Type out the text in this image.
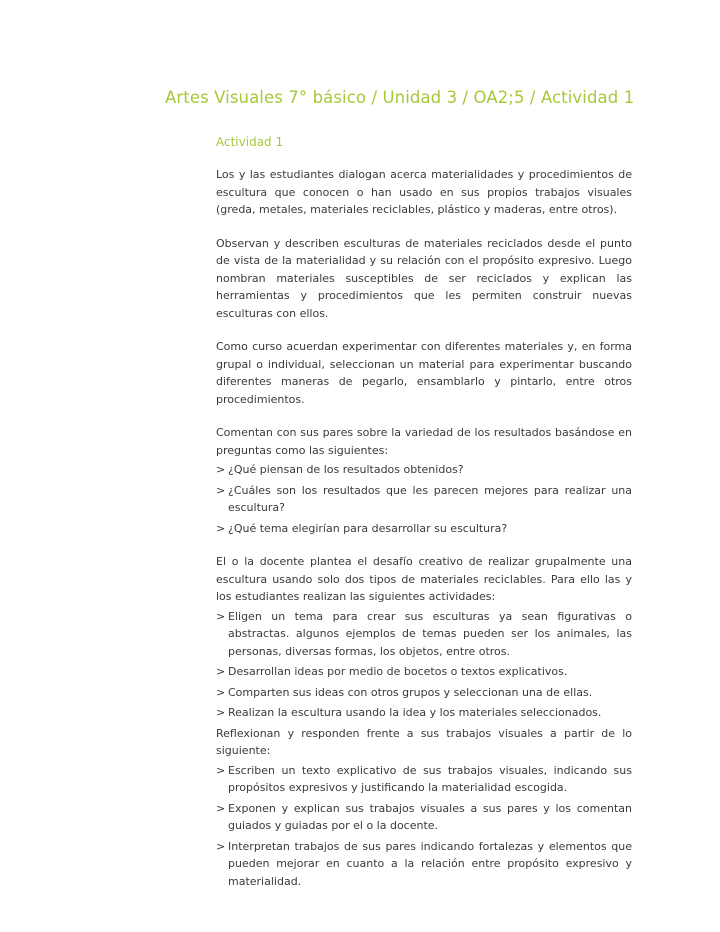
Artes Visuales 7° básico / Unidad 3 / OA2;5 / Actividad 1
Actividad 1

Los y las estudiantes dialogan acerca materialidades y procedimientos de escultura que conocen o han usado en sus propios trabajos visuales (greda, metales, materiales reciclables, plástico y maderas, entre otros).

Observan y describen esculturas de materiales reciclados desde el punto de vista de la materialidad y su relación con el propósito expresivo. Luego nombran materiales susceptibles de ser reciclados y explican las herramientas y procedimientos que les permiten construir nuevas esculturas con ellos.

Como curso acuerdan experimentar con diferentes materiales y, en forma grupal o individual, seleccionan un material para experimentar buscando diferentes maneras de pegarlo, ensamblarlo y pintarlo, entre otros procedimientos.

Comentan con sus pares sobre la variedad de los resultados basándose en preguntas como las siguientes:

> ¿Qué piensan de los resultados obtenidos?
> ¿Cuáles son los resultados que les parecen mejores para realizar una escultura?
> ¿Qué tema elegirían para desarrollar su escultura?

El o la docente plantea el desafío creativo de realizar grupalmente una escultura usando solo dos tipos de materiales reciclables. Para ello las y los estudiantes realizan las siguientes actividades:

> Eligen un tema para crear sus esculturas ya sean figurativas o abstractas. algunos ejemplos de temas pueden ser los animales, las personas, diversas formas, los objetos, entre otros.
> Desarrollan ideas por medio de bocetos o textos explicativos.
> Comparten sus ideas con otros grupos y seleccionan una de ellas.
> Realizan la escultura usando la idea y los materiales seleccionados.

Reflexionan y responden frente a sus trabajos visuales a partir de lo siguiente:

> Escriben un texto explicativo de sus trabajos visuales, indicando sus propósitos expresivos y justificando la materialidad escogida.
> Exponen y explican sus trabajos visuales a sus pares y los comentan guiados y guiadas por el o la docente.
> Interpretan trabajos de sus pares indicando fortalezas y elementos que pueden mejorar en cuanto a la relación entre propósito expresivo y materialidad.
